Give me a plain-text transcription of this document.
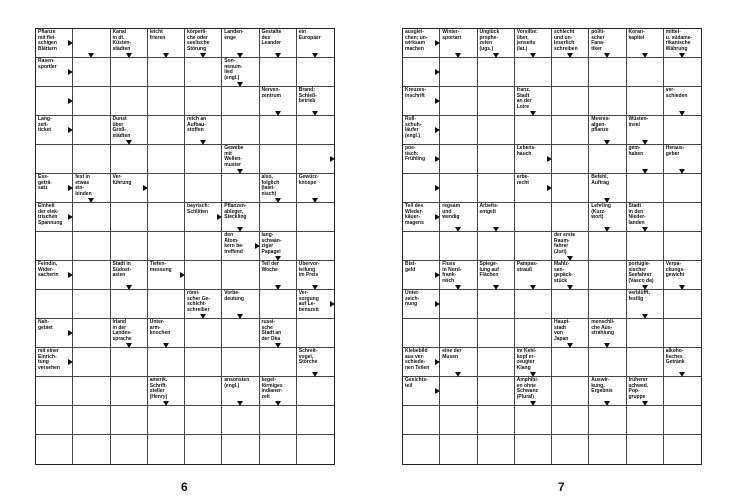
Pflanze
mit flei-
schigen
Blättern
Kanal
in dt.
Küsten-
städten
leicht
frieren
körperli-
che oder
seelische
Störung
Landen-
enge
Gestalte
des
Leander
ein
Europäer
Rasen-
sportler
Son-
nenum-
lied
(engl.)
Nerven-
zentrum
Brand;
Schieß-
betrieb
Lang-
zeit-
ticket
Dunst
über
Groß-
städten
reich an
Aufbau-
stoffen
Gewebe
mit
Wellen-
muster
Ess-
geträ-
satz
fest in
etwas
ein-
binden
Ver-
führung
also,
folglich
(latei-
nisch)
Gewürz-
knospe
Einheit
der elek-
trischen
Spannung
bayrisch:
Schlitten
Pflanzen-
ableger,
Steckling
den
Atom-
kern be-
treffend
lang-
schwän-
ziger
Papagei
Feindin,
Wider-
sacherin
Stadt in
Südost-
asien
Tiefen-
messung
Teil der
Woche
Übervor-
teilung
im Preis
römi-
scher Ge-
schicht-
schreiber
Vorbe-
deutung
Ver-
sorgung
auf Le-
benszeit
Nah-
gebiet
Irland
in der
Landes-
sprache
Unter-
arm-
knochen
russi-
sche
Stadt an
der Oka
mit einer
Einrich-
tung
versehen
Schreit-
vogel,
Störche
amerik.
Schrift-
steller
(Henry)
ansonsten
(engl.)
kegel-
förmiges
Indianer-
zelt
6
ausglei-
chen; un-
wirksam
machen
Winter-
sportart
Unglück
prophe-
zeien
(ugs.)
Vorsilbe:
über,
jenseits
(lat.)
schlecht
und un-
leserlich
schreiben
politi-
scher
Fana-
tiker
Koran-
kapitel
mittel-
u. südame-
rikanische
Währung
Kreuzes-
inschrift
franz.
Stadt
an der
Loire
ver-
schieden
Roll-
schuh-
läufer
(engl.)
Meeres-
algen-
pflanze
Wüsten-
insel
poe-
tisch:
Frühling
Lebens-
hauch
gem-
haben
Heraus-
geber
erbe-
recht
Befehl,
Auftrag
Teil des
Wieder-
käuer-
magens
regsam
und
wendig
Arbeits-
entgelt
Lehrling
(Kurz-
wort)
Stadt
in den
Nieder-
landen
der erste
Raum-
fahrer
(Juri)
Bist-
geld
Fluss
in Nord-
frank-
reich
Spiege-
lung auf
Flächen
Pampas-
strauß
Mahlz-
sen-
gepäck-
stück
portugie-
sischer
Seefahrer
(Vasco da)
Verpa-
ckungs-
gewicht
Unter-
zeich-
nung
verblüfft,
festlig
Haupt-
stadt
von
Japan
menschli-
che Aus-
strahlung
Klebebild
aus ver-
schiede-
nen Teilen
eine der
Musen
im Kehl-
kopf er-
zeugter
Klang
alkoho-
lisches
Getränk
Gesichts-
teil
Amphibi-
en ohne
Schwanz
(Plural)
Auswir-
kung,
Ergebnis
früherer
schwed.
Pop-
gruppe
7
